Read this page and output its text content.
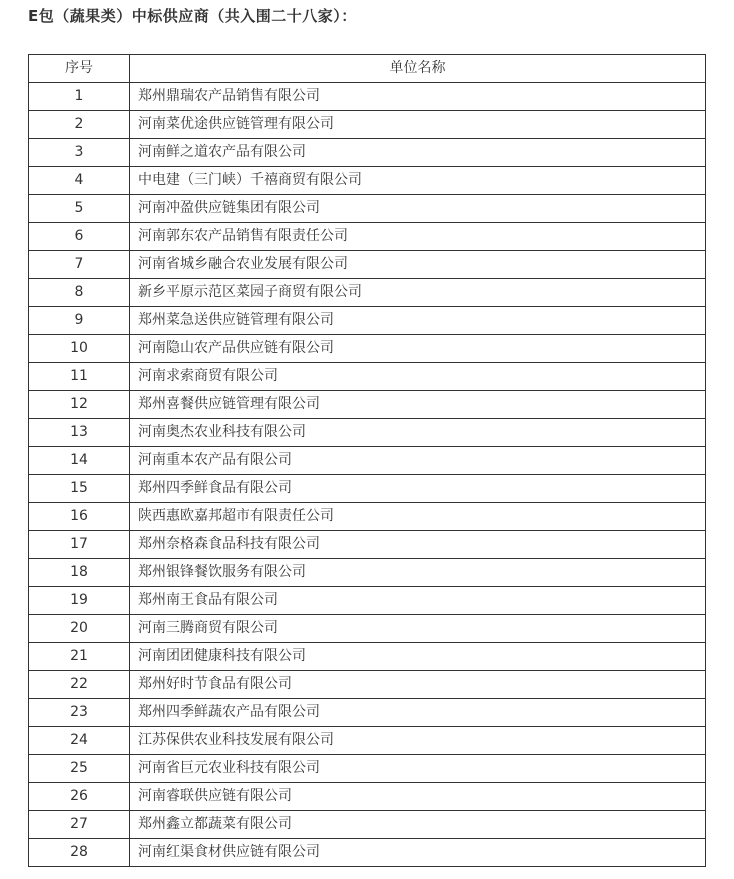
E包（蔬果类）中标供应商（共入围二十八家）：
序号	单位名称
1	郑州鼎瑞农产品销售有限公司
2	河南菜优途供应链管理有限公司
3	河南鲜之道农产品有限公司
4	中电建（三门峡）千禧商贸有限公司
5	河南冲盈供应链集团有限公司
6	河南郭东农产品销售有限责任公司
7	河南省城乡融合农业发展有限公司
8	新乡平原示范区菜园子商贸有限公司
9	郑州菜急送供应链管理有限公司
10	河南隐山农产品供应链有限公司
11	河南求索商贸有限公司
12	郑州喜餐供应链管理有限公司
13	河南奥杰农业科技有限公司
14	河南重本农产品有限公司
15	郑州四季鲜食品有限公司
16	陕西惠欧嘉邦超市有限责任公司
17	郑州奈格森食品科技有限公司
18	郑州银锋餐饮服务有限公司
19	郑州南王食品有限公司
20	河南三腾商贸有限公司
21	河南团团健康科技有限公司
22	郑州好时节食品有限公司
23	郑州四季鲜蔬农产品有限公司
24	江苏保供农业科技发展有限公司
25	河南省巨元农业科技有限公司
26	河南睿联供应链有限公司
27	郑州鑫立都蔬菜有限公司
28	河南红渠食材供应链有限公司
